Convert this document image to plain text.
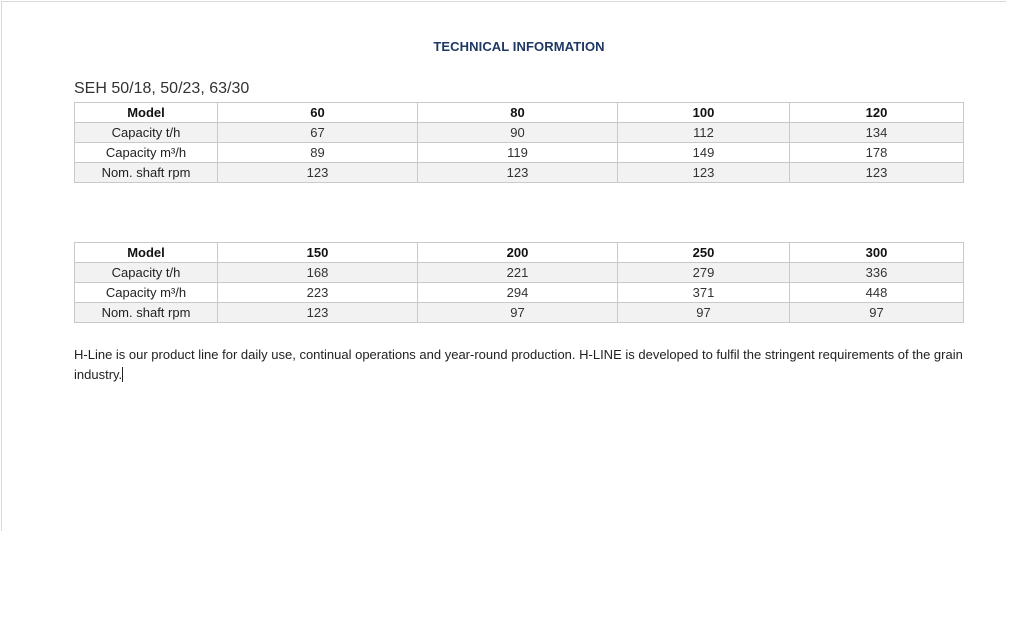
TECHNICAL INFORMATION
SEH 50/18, 50/23, 63/30
Model	60	80	100	120
Capacity t/h	67	90	112	134
Capacity m³/h	89	119	149	178
Nom. shaft rpm	123	123	123	123
Model	150	200	250	300
Capacity t/h	168	221	279	336
Capacity m³/h	223	294	371	448
Nom. shaft rpm	123	97	97	97
H-Line is our product line for daily use, continual operations and year-round production. H-LINE is developed to fulfil the stringent requirements of the grain industry.
